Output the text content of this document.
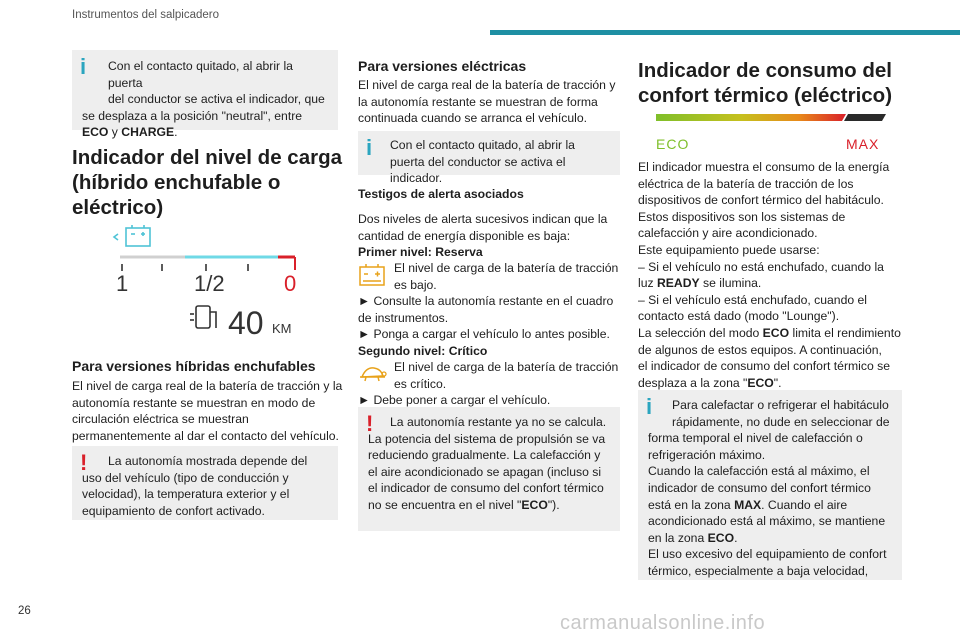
Instrumentos del salpicadero
i	Con el contacto quitado, al abrir la puerta
del conductor se activa el indicador, que
se desplaza a la posición "neutral", entre
ECO y CHARGE.
Indicador del nivel de carga (híbrido enchufable o eléctrico)
1	1/2	0
40 KM
Para versiones híbridas enchufables
El nivel de carga real de la batería de tracción y la autonomía restante se muestran en modo de circulación eléctrica se muestran permanentemente al dar el contacto del vehículo.
!	La autonomía mostrada depende del uso del vehículo (tipo de conducción y velocidad), la temperatura exterior y el equipamiento de confort activado.
Para versiones eléctricas
El nivel de carga real de la batería de tracción y la autonomía restante se muestran de forma continuada cuando se arranca el vehículo.
i	Con el contacto quitado, al abrir la puerta del conductor se activa el indicador.
Testigos de alerta asociados
Dos niveles de alerta sucesivos indican que la cantidad de energía disponible es baja:
Primer nivel: Reserva
El nivel de carga de la batería de tracción es bajo.
► Consulte la autonomía restante en el cuadro de instrumentos.
► Ponga a cargar el vehículo lo antes posible.
Segundo nivel: Crítico
El nivel de carga de la batería de tracción es crítico.
► Debe poner a cargar el vehículo.
!	La autonomía restante ya no se calcula. La potencia del sistema de propulsión se va reduciendo gradualmente. La calefacción y el aire acondicionado se apagan (incluso si el indicador de consumo del confort térmico no se encuentra en el nivel "ECO").
Indicador de consumo del confort térmico (eléctrico)
ECO	MAX
El indicador muestra el consumo de la energía
eléctrica de la batería de tracción de los
dispositivos de confort térmico del habitáculo.
Estos dispositivos son los sistemas de
calefacción y aire acondicionado.
Este equipamiento puede usarse:
– Si el vehículo no está enchufado, cuando la
luz READY se ilumina.
– Si el vehículo está enchufado, cuando el
contacto está dado (modo "Lounge").
La selección del modo ECO limita el rendimiento
de algunos de estos equipos. A continuación,
el indicador de consumo del confort térmico se
desplaza a la zona "ECO".
i	Para calefactar o refrigerar el habitáculo
rápidamente, no dude en seleccionar de
forma temporal el nivel de calefacción o
refrigeración máximo.
Cuando la calefacción está al máximo, el
indicador de consumo del confort térmico
está en la zona MAX. Cuando el aire
acondicionado está al máximo, se mantiene
en la zona ECO.
El uso excesivo del equipamiento de confort
térmico, especialmente a baja velocidad,
26
carmanualsonline.info
